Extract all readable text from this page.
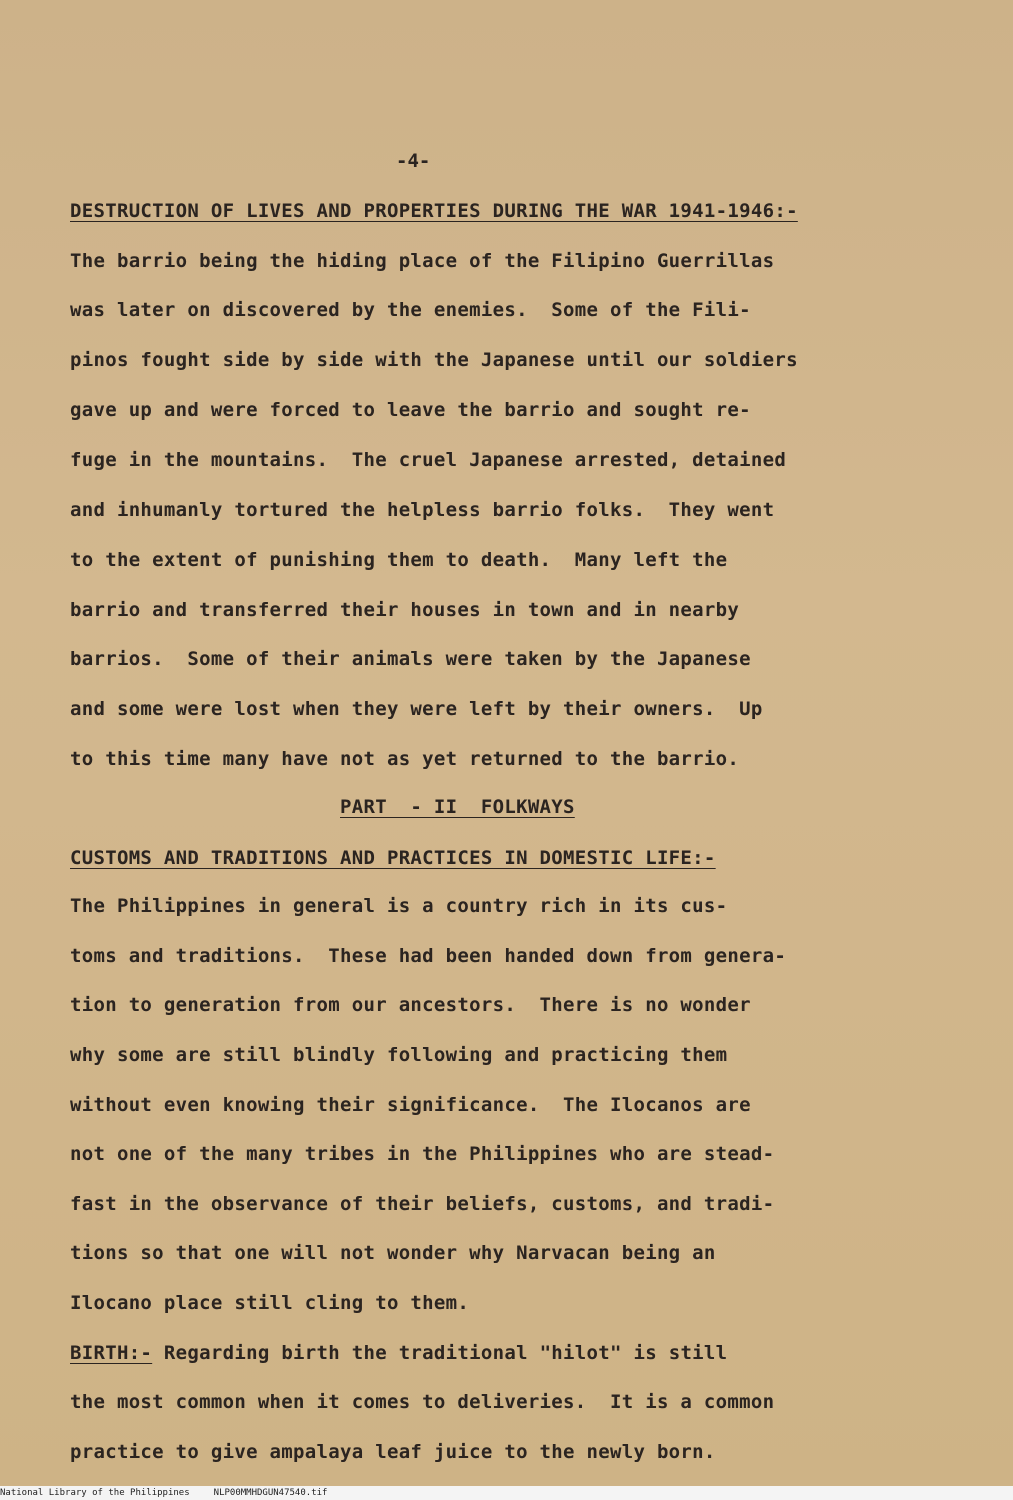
-4-
DESTRUCTION OF LIVES AND PROPERTIES DURING THE WAR 1941-1946:-
The barrio being the hiding place of the Filipino Guerrillas
was later on discovered by the enemies.  Some of the Fili-
pinos fought side by side with the Japanese until our soldiers
gave up and were forced to leave the barrio and sought re-
fuge in the mountains.  The cruel Japanese arrested, detained
and inhumanly tortured the helpless barrio folks.  They went
to the extent of punishing them to death.  Many left the
barrio and transferred their houses in town and in nearby
barrios.  Some of their animals were taken by the Japanese
and some were lost when they were left by their owners.  Up
to this time many have not as yet returned to the barrio.
PART  - II  FOLKWAYS
CUSTOMS AND TRADITIONS AND PRACTICES IN DOMESTIC LIFE:-
The Philippines in general is a country rich in its cus-
toms and traditions.  These had been handed down from genera-
tion to generation from our ancestors.  There is no wonder
why some are still blindly following and practicing them
without even knowing their significance.  The Ilocanos are
not one of the many tribes in the Philippines who are stead-
fast in the observance of their beliefs, customs, and tradi-
tions so that one will not wonder why Narvacan being an
Ilocano place still cling to them.
BIRTH:- Regarding birth the traditional "hilot" is still
the most common when it comes to deliveries.  It is a common
practice to give ampalaya leaf juice to the newly born.
National Library of the Philippines	NLP00MMHDGUN47540.tif
